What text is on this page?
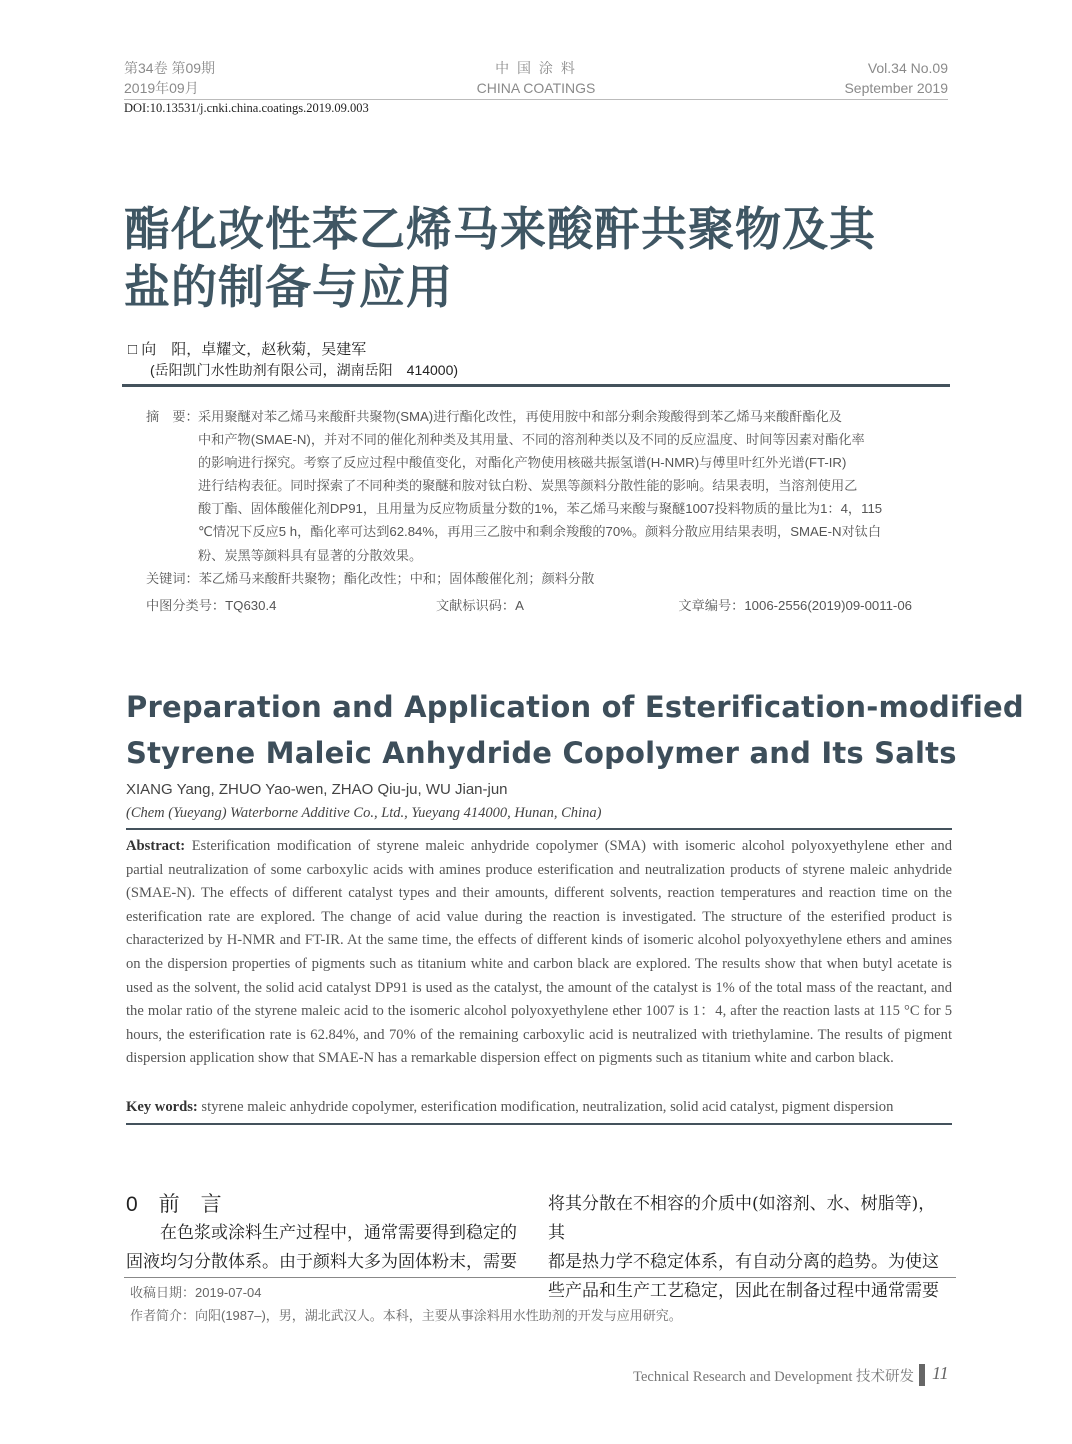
第34卷 第09期
2019年09月
中 国 涂 料
CHINA COATINGS
Vol.34 No.09
September 2019
DOI:10.13531/j.cnki.china.coatings.2019.09.003
酯化改性苯乙烯马来酸酐共聚物及其
盐的制备与应用
□ 向　阳，卓耀文，赵秋菊，吴建军
(岳阳凯门水性助剂有限公司，湖南岳阳　414000)
摘　要： 采用聚醚对苯乙烯马来酸酐共聚物(SMA)进行酯化改性，再使用胺中和部分剩余羧酸得到苯乙烯马来酸酐酯化及
中和产物(SMAE-N)，并对不同的催化剂种类及其用量、不同的溶剂种类以及不同的反应温度、时间等因素对酯化率
的影响进行探究。考察了反应过程中酸值变化，对酯化产物使用核磁共振氢谱(H-NMR)与傅里叶红外光谱(FT-IR)
进行结构表征。同时探索了不同种类的聚醚和胺对钛白粉、炭黑等颜料分散性能的影响。结果表明，当溶剂使用乙
酸丁酯、固体酸催化剂DP91，且用量为反应物质量分数的1%，苯乙烯马来酸与聚醚1007投料物质的量比为1：4，115
℃情况下反应5 h，酯化率可达到62.84%，再用三乙胺中和剩余羧酸的70%。颜料分散应用结果表明，SMAE-N对钛白
粉、炭黑等颜料具有显著的分散效果。
关键词：苯乙烯马来酸酐共聚物；酯化改性；中和；固体酸催化剂；颜料分散
中图分类号：TQ630.4	文献标识码：A	文章编号：1006-2556(2019)09-0011-06
Preparation and Application of Esterification-modified
Styrene Maleic Anhydride Copolymer and Its Salts
XIANG Yang, ZHUO Yao-wen, ZHAO Qiu-ju, WU Jian-jun
(Chem (Yueyang) Waterborne Additive Co., Ltd., Yueyang 414000, Hunan, China)
Abstract: Esterification modification of styrene maleic anhydride copolymer (SMA) with isomeric alcohol polyoxyethylene ether and partial neutralization of some carboxylic acids with amines produce esterification and neutralization products of styrene maleic anhydride (SMAE-N). The effects of different catalyst types and their amounts, different solvents, reaction temperatures and reaction time on the esterification rate are explored. The change of acid value during the reaction is investigated. The structure of the esterified product is characterized by H-NMR and FT-IR. At the same time, the effects of different kinds of isomeric alcohol polyoxyethylene ethers and amines on the dispersion properties of pigments such as titanium white and carbon black are explored. The results show that when butyl acetate is used as the solvent, the solid acid catalyst DP91 is used as the catalyst, the amount of the catalyst is 1% of the total mass of the reactant, and the molar ratio of the styrene maleic acid to the isomeric alcohol polyoxyethylene ether 1007 is 1：4, after the reaction lasts at 115 °C for 5 hours, the esterification rate is 62.84%, and 70% of the remaining carboxylic acid is neutralized with triethylamine. The results of pigment dispersion application show that SMAE-N has a remarkable dispersion effect on pigments such as titanium white and carbon black.
Key words: styrene maleic anhydride copolymer, esterification modification, neutralization, solid acid catalyst, pigment dispersion
0　前　言
　　在色浆或涂料生产过程中，通常需要得到稳定的
固液均匀分散体系。由于颜料大多为固体粉末，需要
将其分散在不相容的介质中(如溶剂、水、树脂等)，其
都是热力学不稳定体系，有自动分离的趋势。为使这
些产品和生产工艺稳定，因此在制备过程中通常需要
收稿日期：2019-07-04
作者简介：向阳(1987–)，男，湖北武汉人。本科，主要从事涂料用水性助剂的开发与应用研究。
Technical Research and Development 技术研发 11
